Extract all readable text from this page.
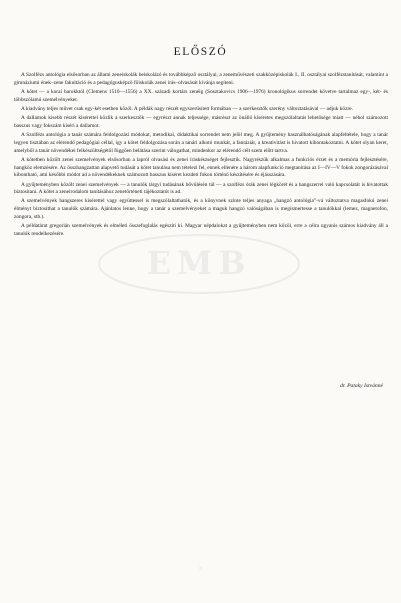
ELŐSZÓ
EMB

A Szolfézs antológia elsősorban az állami zeneiskolák beiskolázó és továbbképző osztályai, a zeneművészeti szakközépiskolák I., II. osztályai szolfézstanítását, valamint a gimnáziumi ének–zene fakultáció és a pedagógusképző főiskolák zenei írás–olvasását kívánja segíteni.

A kötet — a korai barokktól (Clemens 1510—1556) a XX. századi kortárs zenéig (Sosztakovics 1906—1976) kronológikus sorrendet követve tartalmaz egy-, két- és többszólamú szemelvényeket.

A kiadvány teljes művet csak egy-két esetben közöl. A példák nagy részét egyszerűsített formában — a szerkesztők szerény változtatásával — adjuk közre.

A dallamok kisebb részét kísérettel közlik a szerkesztők — egyrészt annak teljessége, másrészt az önálló kíséretes megszólaltatás lehetősége miatt — néhol számozott basszus vagy fokszám kíséri a dallamot.

A Szolfézs antológia a tanár számára feldolgozási módokat, metodikai, didaktikai sorrendet nem jelöl meg. A gyűjtemény használhatóságának alapfeltétele, hogy a tanár legyen tisztában az elérendő pedagógiai céllal, így a kötet feldolgozása során a tanári alkotó munkát, a fantáziát, a kreativitást is hivatott kibontakoztatni. A kötet olyan keret, amelyből a tanár növendékei felkészültségétől függően belátása szerint válogathat, mindenkor az elérendő célt szem előtt tartva.

A kötetben közölt zenei szemelvények elsősorban a lapról olvasási és zenei íráskészséget fejlesztik. Nagyrészük alkalmas a funkciós érzet és a memória fejlesztésére, hangköz elemzésére. Az összhangzattan alapvető tudását a kötet tanulása nem tételezi fel, ennek ellenére a három alapfunkció megtanítása az I—IV—V fokok zongorázásával kibontható, ami későbbi módot ad a növendékeknek számozott basszus kíséret kezdeti fokon történő készítésére és éjásszására.

A gyűjteményben közölt zenei szemelvények — a tanulók tárgyi tudásának bővülésén túl — a szolfézs órák zenei légkörét és a hangszerrel való kapcsolatát is hivatottak biztosítani. A kötet a zeneirodalom tanításához zenetörténeti tájékoztatót is ad.

A szemelvények hangszeres kísérettel vagy együttessel is megszólaltathatók, és a könyvnek szinte teljes anyaga „hangzó antológia”-vá változtatva magasfokú zenei élményt biztosíthat a tanulók számára. Ajánlatos lenne, hogy a tanár a szemelvényeket a maguk hangzó valóságában is megismertesse a tanulókkal (lemez, magnetofon, zongora, stb.).

A példatárat gregorián szemelvények és elméleti összefoglalás egészíti ki. Magyar népdalokat a gyűjteményben nem közöl, erre a célra ugyanis számos kiadvány áll a tanulók rendelkezésére.

dr. Pataky Istvánné

3
